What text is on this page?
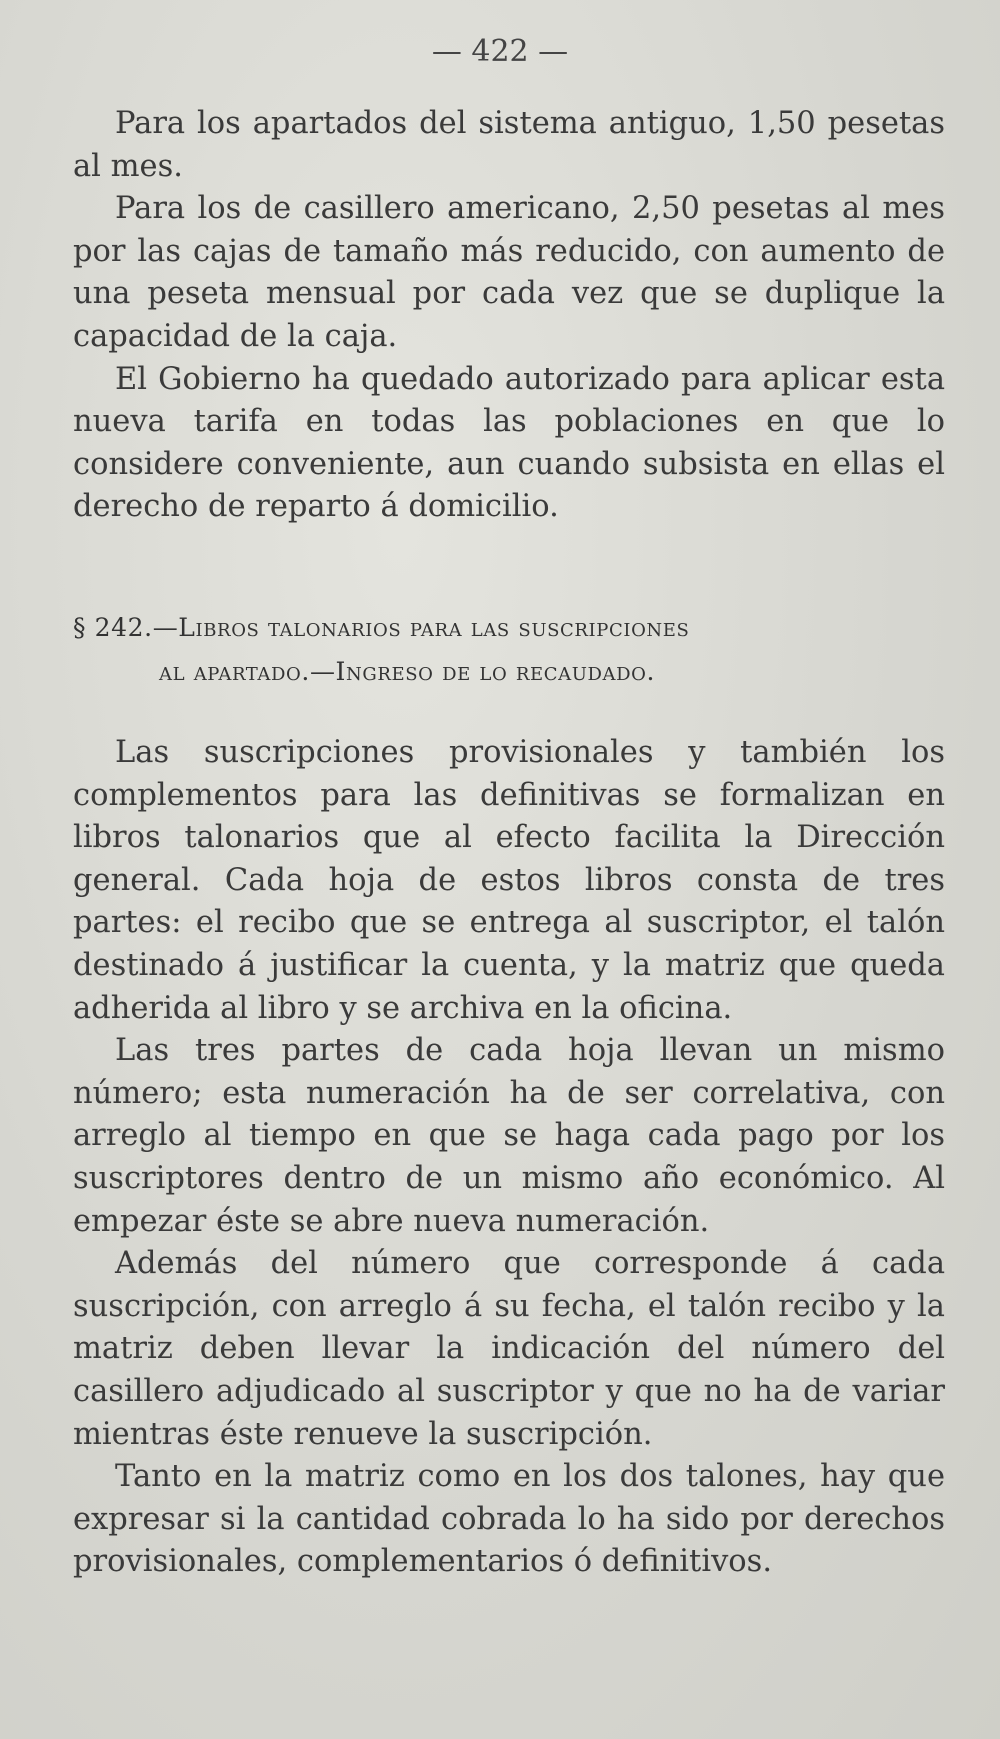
— 422 —

Para los apartados del sistema antiguo, 1,50 pesetas al mes.

Para los de casillero americano, 2,50 pesetas al mes por las cajas de tamaño más reducido, con aumento de una peseta mensual por cada vez que se duplique la capacidad de la caja.

El Gobierno ha quedado autorizado para aplicar esta nueva tarifa en todas las poblaciones en que lo considere conveniente, aun cuando subsista en ellas el derecho de reparto á domicilio.

§ 242.—Libros talonarios para las suscripciones
al apartado.—Ingreso de lo recaudado.

Las suscripciones provisionales y también los complementos para las definitivas se formalizan en libros talonarios que al efecto facilita la Dirección general. Cada hoja de estos libros consta de tres partes: el recibo que se entrega al suscriptor, el talón destinado á justificar la cuenta, y la matriz que queda adherida al libro y se archiva en la oficina.

Las tres partes de cada hoja llevan un mismo número; esta numeración ha de ser correlativa, con arreglo al tiempo en que se haga cada pago por los suscriptores dentro de un mismo año económico. Al empezar éste se abre nueva numeración.

Además del número que corresponde á cada suscripción, con arreglo á su fecha, el talón recibo y la matriz deben llevar la indicación del número del casillero adjudicado al suscriptor y que no ha de variar mientras éste renueve la suscripción.

Tanto en la matriz como en los dos talones, hay que expresar si la cantidad cobrada lo ha sido por derechos provisionales, complementarios ó definitivos.
